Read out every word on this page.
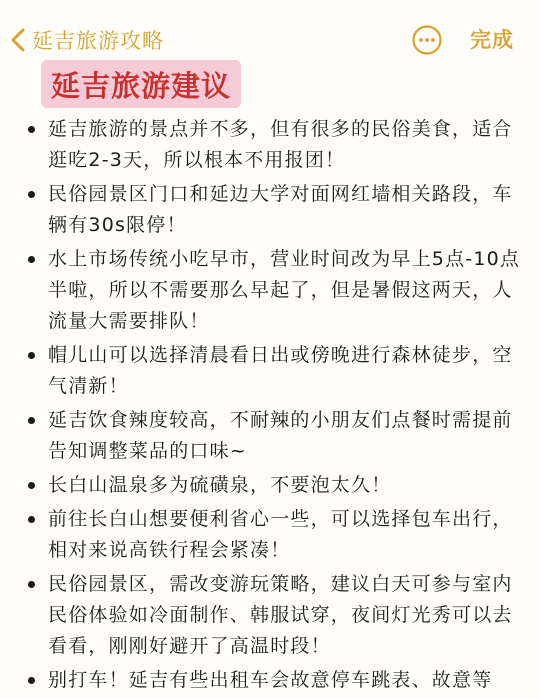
延吉旅游攻略	完成
延吉旅游建议
延吉旅游的景点并不多，但有很多的民俗美食，适合逛吃2-3天，所以根本不用报团！
民俗园景区门口和延边大学对面网红墙相关路段，车辆有30s限停！
水上市场传统小吃早市，营业时间改为早上5点-10点半啦，所以不需要那么早起了，但是暑假这两天，人流量大需要排队！
帽儿山可以选择清晨看日出或傍晚进行森林徒步，空气清新！
延吉饮食辣度较高，不耐辣的小朋友们点餐时需提前告知调整菜品的口味~
长白山温泉多为硫磺泉，不要泡太久！
前往长白山想要便利省心一些，可以选择包车出行，相对来说高铁行程会紧凑！
民俗园景区，需改变游玩策略，建议白天可参与室内民俗体验如冷面制作、韩服试穿，夜间灯光秀可以去看看，刚刚好避开了高温时段！
别打车！延吉有些出租车会故意停车跳表、故意等
